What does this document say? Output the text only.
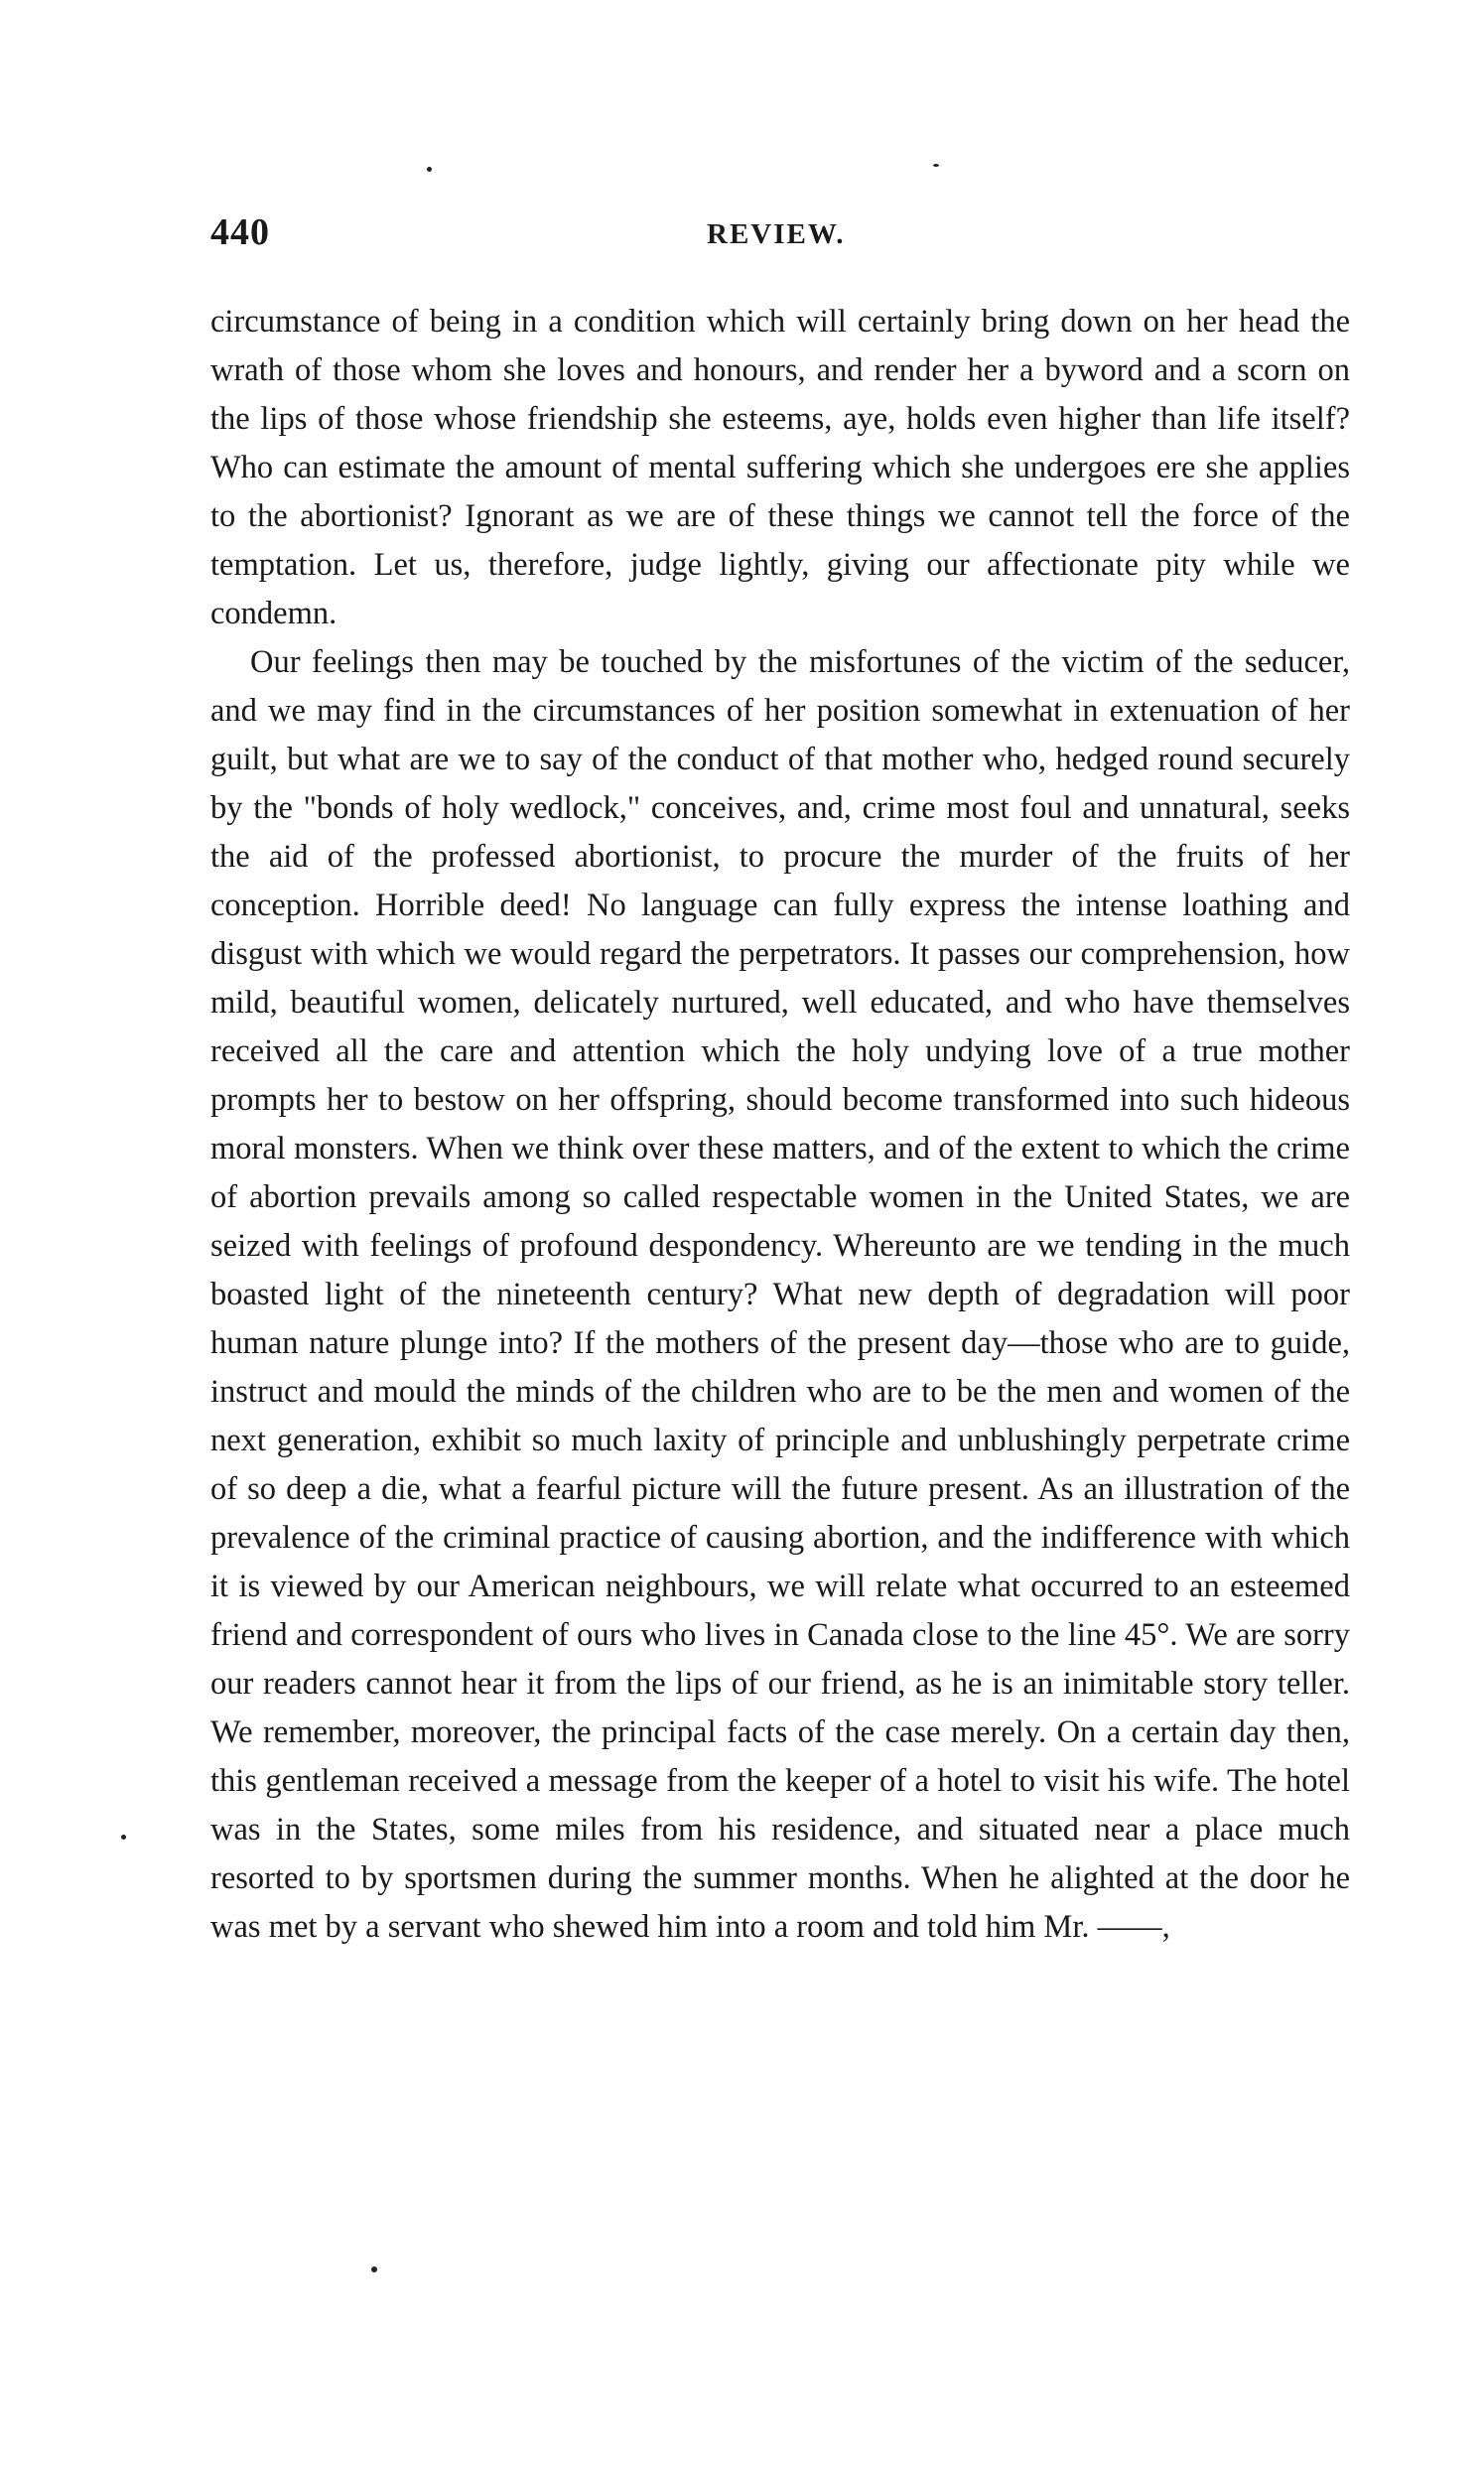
440	REVIEW.

circumstance of being in a condition which will certainly bring down on her head the wrath of those whom she loves and honours, and render her a byword and a scorn on the lips of those whose friendship she esteems, aye, holds even higher than life itself? Who can estimate the amount of mental suffering which she undergoes ere she applies to the abortionist? Ignorant as we are of these things we cannot tell the force of the temptation. Let us, therefore, judge lightly, giving our affectionate pity while we condemn.

Our feelings then may be touched by the misfortunes of the victim of the seducer, and we may find in the circumstances of her position somewhat in extenuation of her guilt, but what are we to say of the conduct of that mother who, hedged round securely by the "bonds of holy wedlock," conceives, and, crime most foul and unnatural, seeks the aid of the professed abortionist, to procure the murder of the fruits of her conception. Horrible deed! No language can fully express the intense loathing and disgust with which we would regard the perpetrators. It passes our comprehension, how mild, beautiful women, delicately nurtured, well educated, and who have themselves received all the care and attention which the holy undying love of a true mother prompts her to bestow on her offspring, should become transformed into such hideous moral monsters. When we think over these matters, and of the extent to which the crime of abortion prevails among so called respectable women in the United States, we are seized with feelings of profound despondency. Whereunto are we tending in the much boasted light of the nineteenth century? What new depth of degradation will poor human nature plunge into? If the mothers of the present day—those who are to guide, instruct and mould the minds of the children who are to be the men and women of the next generation, exhibit so much laxity of principle and unblushingly perpetrate crime of so deep a die, what a fearful picture will the future present. As an illustration of the prevalence of the criminal practice of causing abortion, and the indifference with which it is viewed by our American neighbours, we will relate what occurred to an esteemed friend and correspondent of ours who lives in Canada close to the line 45°. We are sorry our readers cannot hear it from the lips of our friend, as he is an inimitable story teller. We remember, moreover, the principal facts of the case merely. On a certain day then, this gentleman received a message from the keeper of a hotel to visit his wife. The hotel was in the States, some miles from his residence, and situated near a place much resorted to by sportsmen during the summer months. When he alighted at the door he was met by a servant who shewed him into a room and told him Mr. ——,
